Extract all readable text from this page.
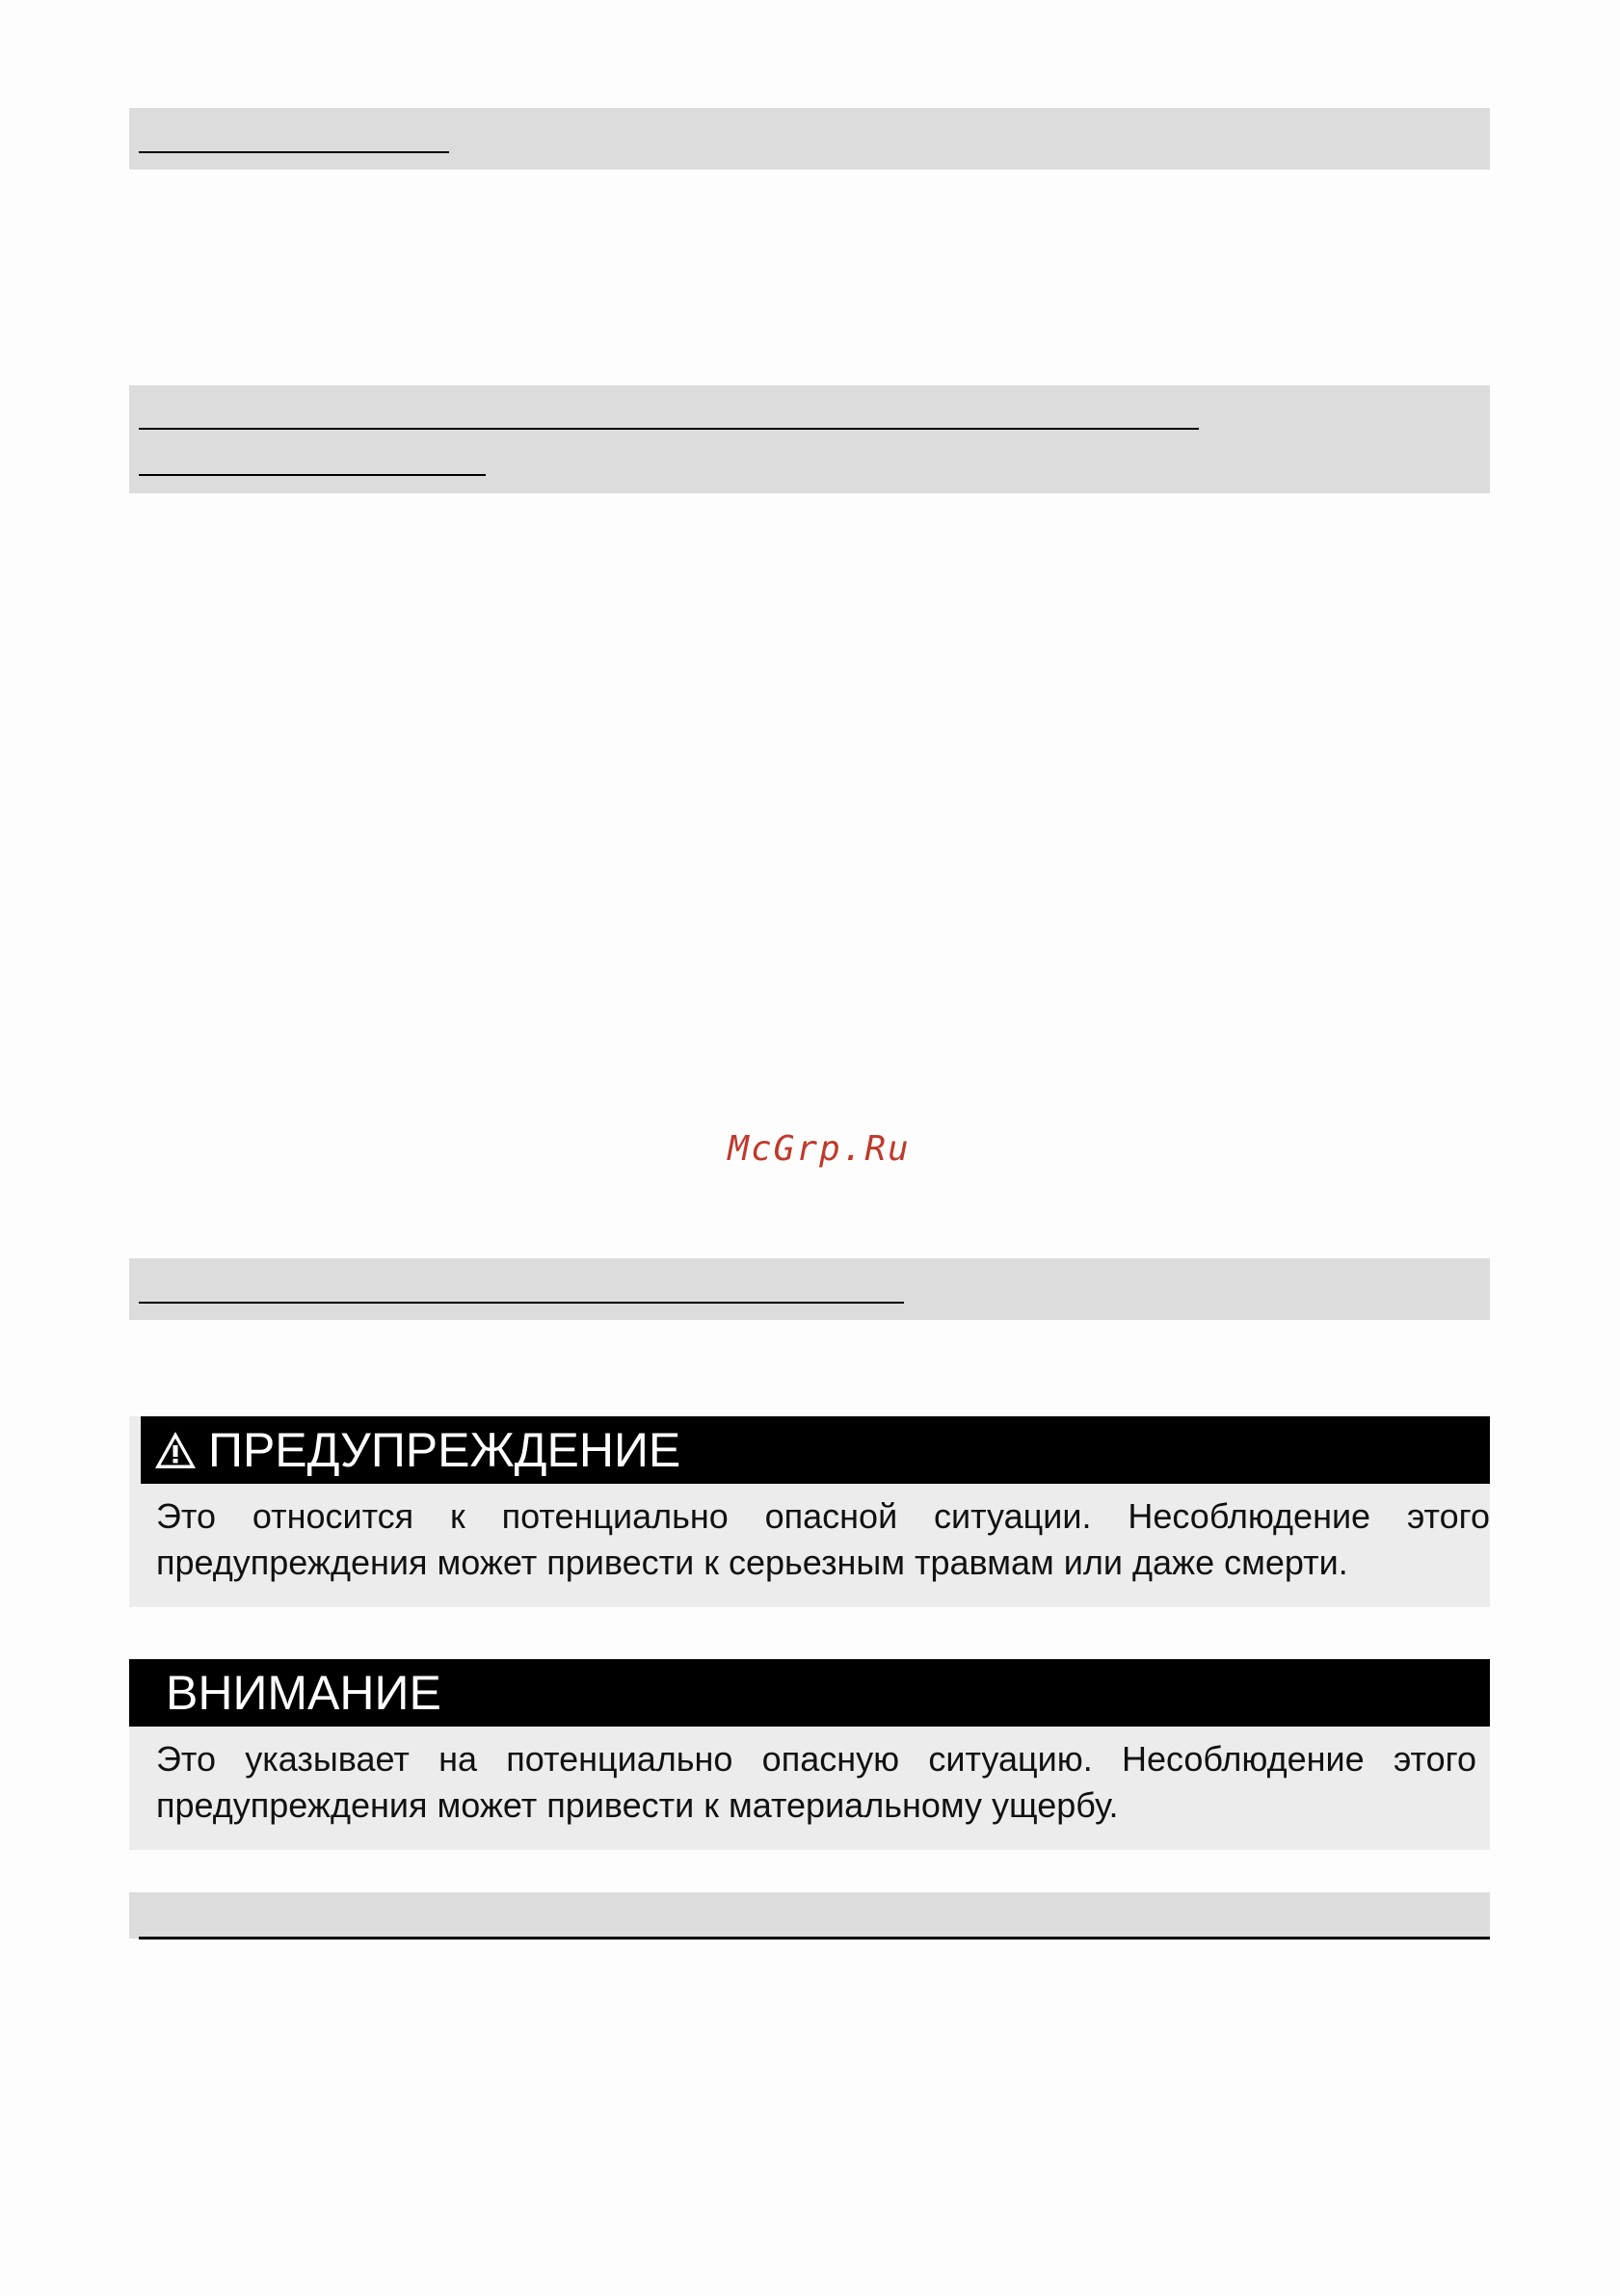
McGrp.Ru
ПРЕДУПРЕЖДЕНИЕ
Это относится к потенциально опасной ситуации. Несоблюдение этого предупреждения может привести к серьезным травмам или даже смерти.
ВНИМАНИЕ
Это указывает на потенциально опасную ситуацию. Несоблюдение этого предупреждения может привести к материальному ущербу.
